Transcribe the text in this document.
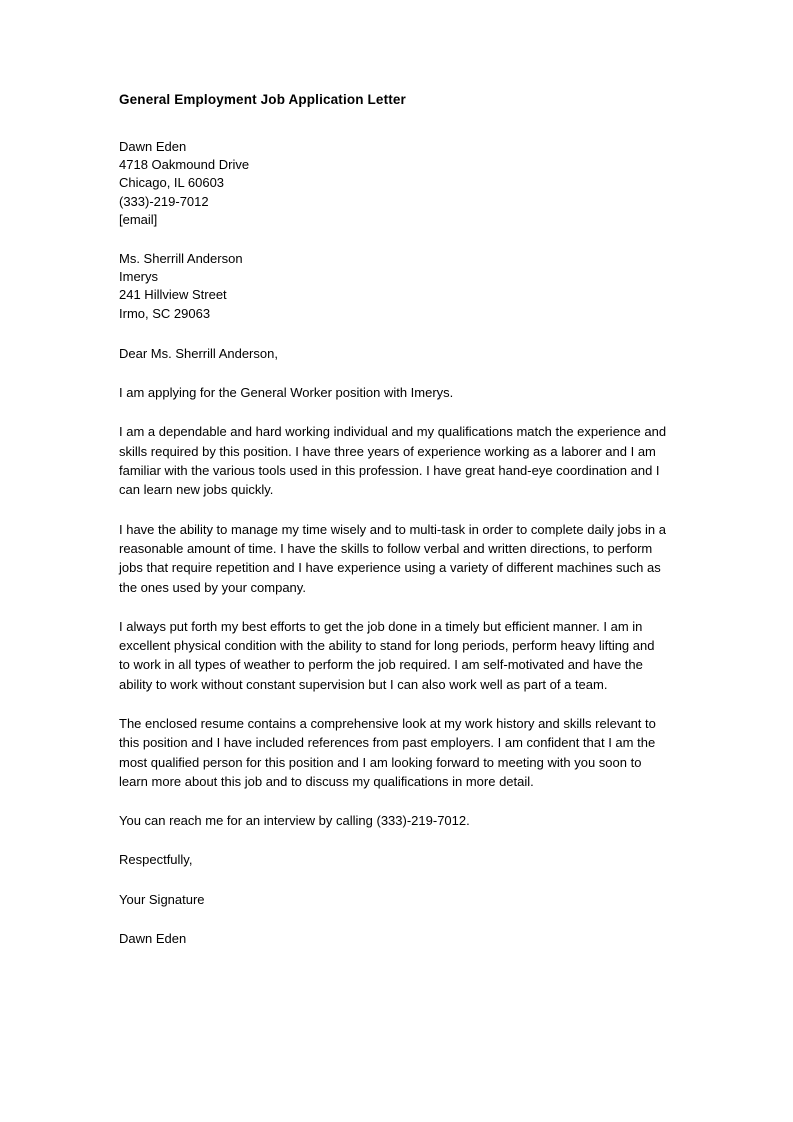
General Employment Job Application Letter
Dawn Eden
4718 Oakmound Drive
Chicago, IL 60603
(333)-219-7012
[email]
Ms. Sherrill Anderson
Imerys
241 Hillview Street
Irmo, SC 29063
Dear Ms. Sherrill Anderson,

I am applying for the General Worker position with Imerys.

I am a dependable and hard working individual and my qualifications match the experience and skills required by this position. I have three years of experience working as a laborer and I am familiar with the various tools used in this profession. I have great hand-eye coordination and I can learn new jobs quickly.

I have the ability to manage my time wisely and to multi-task in order to complete daily jobs in a reasonable amount of time. I have the skills to follow verbal and written directions, to perform jobs that require repetition and I have experience using a variety of different machines such as the ones used by your company.

I always put forth my best efforts to get the job done in a timely but efficient manner. I am in excellent physical condition with the ability to stand for long periods, perform heavy lifting and to work in all types of weather to perform the job required. I am self-motivated and have the ability to work without constant supervision but I can also work well as part of a team.

The enclosed resume contains a comprehensive look at my work history and skills relevant to this position and I have included references from past employers. I am confident that I am the most qualified person for this position and I am looking forward to meeting with you soon to learn more about this job and to discuss my qualifications in more detail.

You can reach me for an interview by calling (333)-219-7012.

Respectfully,
Your Signature
Dawn Eden
